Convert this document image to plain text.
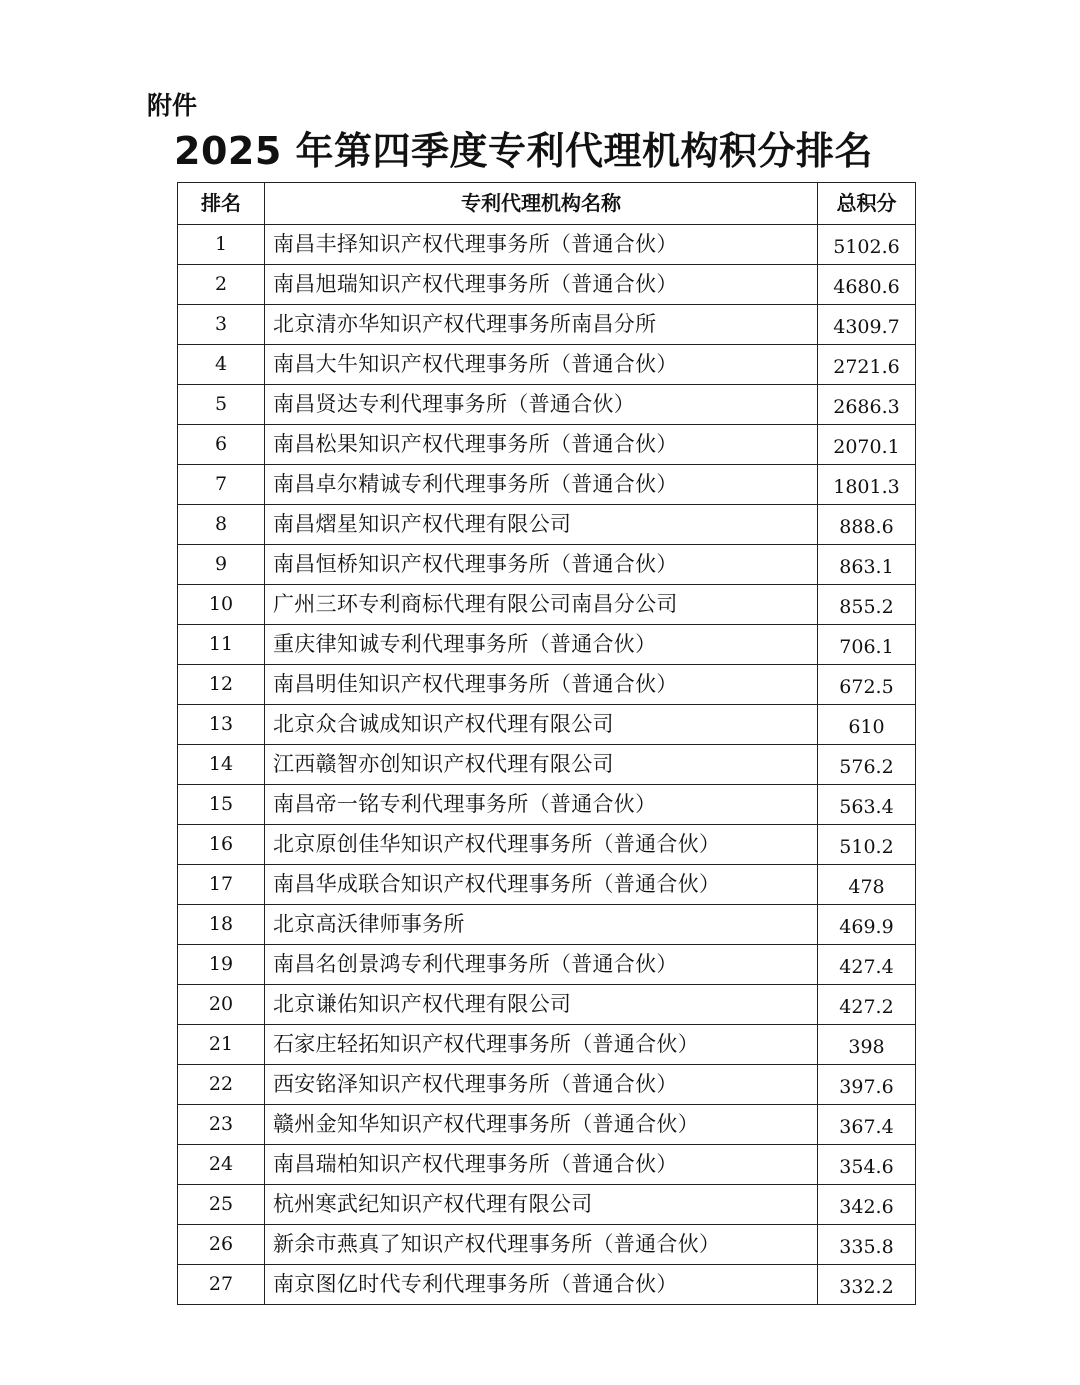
附件
2025 年第四季度专利代理机构积分排名
排名	专利代理机构名称	总积分
1	南昌丰择知识产权代理事务所（普通合伙）	5102.6
2	南昌旭瑞知识产权代理事务所（普通合伙）	4680.6
3	北京清亦华知识产权代理事务所南昌分所	4309.7
4	南昌大牛知识产权代理事务所（普通合伙）	2721.6
5	南昌贤达专利代理事务所（普通合伙）	2686.3
6	南昌松果知识产权代理事务所（普通合伙）	2070.1
7	南昌卓尔精诚专利代理事务所（普通合伙）	1801.3
8	南昌熠星知识产权代理有限公司	888.6
9	南昌恒桥知识产权代理事务所（普通合伙）	863.1
10	广州三环专利商标代理有限公司南昌分公司	855.2
11	重庆律知诚专利代理事务所（普通合伙）	706.1
12	南昌明佳知识产权代理事务所（普通合伙）	672.5
13	北京众合诚成知识产权代理有限公司	610
14	江西赣智亦创知识产权代理有限公司	576.2
15	南昌帝一铭专利代理事务所（普通合伙）	563.4
16	北京原创佳华知识产权代理事务所（普通合伙）	510.2
17	南昌华成联合知识产权代理事务所（普通合伙）	478
18	北京高沃律师事务所	469.9
19	南昌名创景鸿专利代理事务所（普通合伙）	427.4
20	北京谦佑知识产权代理有限公司	427.2
21	石家庄轻拓知识产权代理事务所（普通合伙）	398
22	西安铭泽知识产权代理事务所（普通合伙）	397.6
23	赣州金知华知识产权代理事务所（普通合伙）	367.4
24	南昌瑞柏知识产权代理事务所（普通合伙）	354.6
25	杭州寒武纪知识产权代理有限公司	342.6
26	新余市燕真了知识产权代理事务所（普通合伙）	335.8
27	南京图亿时代专利代理事务所（普通合伙）	332.2
